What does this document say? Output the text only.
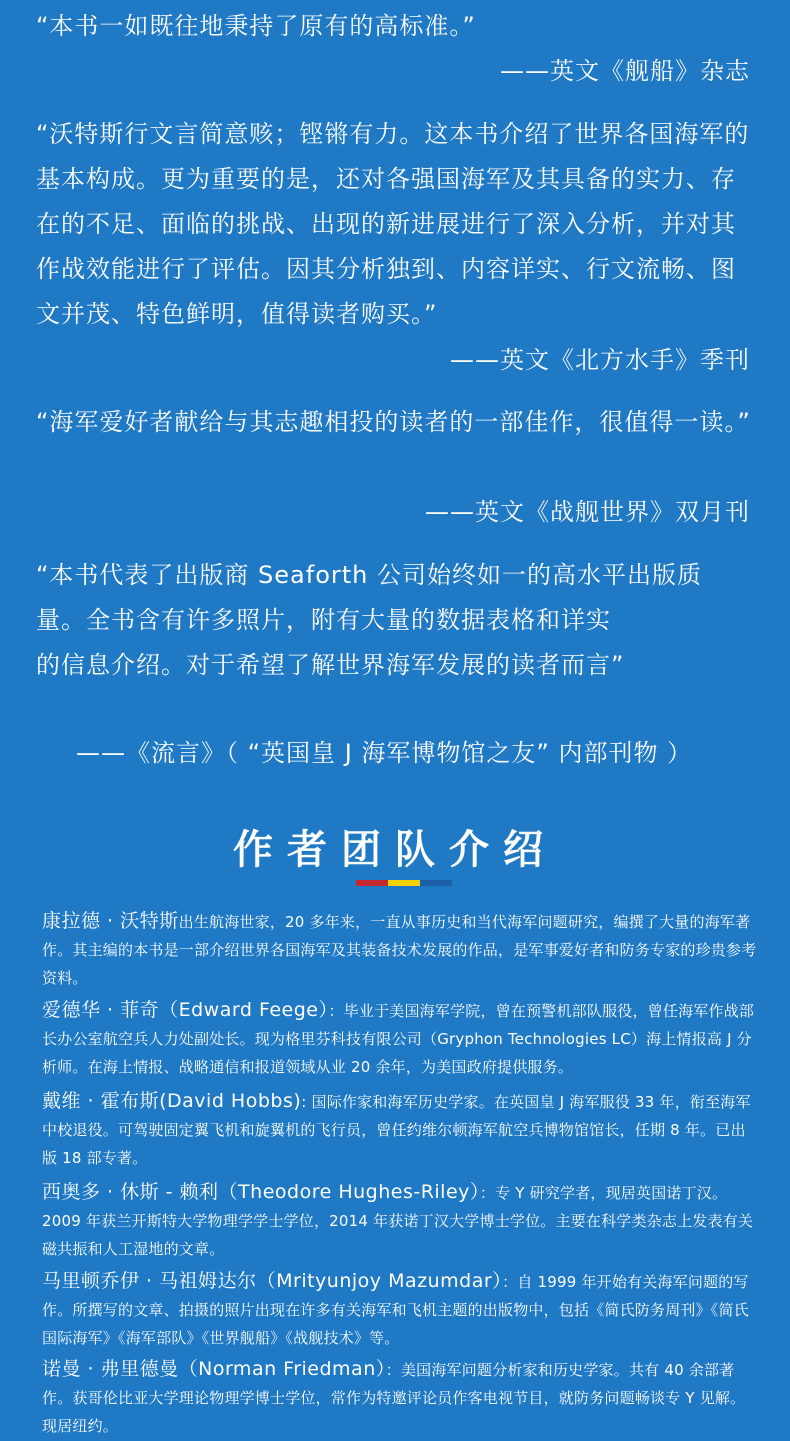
“本书一如既往地秉持了原有的高标准。”

——英文《舰船》杂志

“沃特斯行文言简意赅；铿锵有力。这本书介绍了世界各国海军的基本构成。更为重要的是，还对各强国海军及其具备的实力、存在的不足、面临的挑战、出现的新进展进行了深入分析，并对其作战效能进行了评估。因其分析独到、内容详实、行文流畅、图文并茂、特色鲜明，值得读者购买。”

——英文《北方水手》季刊

“海军爱好者献给与其志趣相投的读者的一部佳作，很值得一读。”

——英文《战舰世界》双月刊

“本书代表了出版商 Seaforth 公司始终如一的高水平出版质

量。全书含有许多照片，附有大量的数据表格和详实

的信息介绍。对于希望了解世界海军发展的读者而言”

——《流言》（ “英国皇 J 海军博物馆之友” 内部刊物 ）

作者团队介绍

康拉德 · 沃特斯出生航海世家，20 多年来，一直从事历史和当代海军问题研究，编撰了大量的海军著作。其主编的本书是一部介绍世界各国海军及其装备技术发展的作品，是军事爱好者和防务专家的珍贵参考资料。

爱德华 · 菲奇（Edward Feege）：毕业于美国海军学院，曾在预警机部队服役，曾任海军作战部长办公室航空兵人力处副处长。现为格里芬科技有限公司（Gryphon Technologies LC）海上情报高 J 分析师。在海上情报、战略通信和报道领域从业 20 余年，为美国政府提供服务。

戴维 · 霍布斯(David Hobbs): 国际作家和海军历史学家。在英国皇 J 海军服役 33 年，衔至海军中校退役。可驾驶固定翼飞机和旋翼机的飞行员，曾任约维尔顿海军航空兵博物馆馆长，任期 8 年。已出版 18 部专著。

西奥多 · 休斯 - 赖利（Theodore Hughes-Riley）：专 Y 研究学者，现居英国诺丁汉。2009 年获兰开斯特大学物理学学士学位，2014 年获诺丁汉大学博士学位。主要在科学类杂志上发表有关磁共振和人工湿地的文章。

马里顿乔伊 · 马祖姆达尔（Mrityunjoy Mazumdar）：自 1999 年开始有关海军问题的写作。所撰写的文章、拍摄的照片出现在许多有关海军和飞机主题的出版物中，包括《简氏防务周刊》《简氏国际海军》《海军部队》《世界舰船》《战舰技术》等。

诺曼 · 弗里德曼（Norman Friedman）：美国海军问题分析家和历史学家。共有 40 余部著作。获哥伦比亚大学理论物理学博士学位，常作为特邀评论员作客电视节目，就防务问题畅谈专 Y 见解。现居纽约。
